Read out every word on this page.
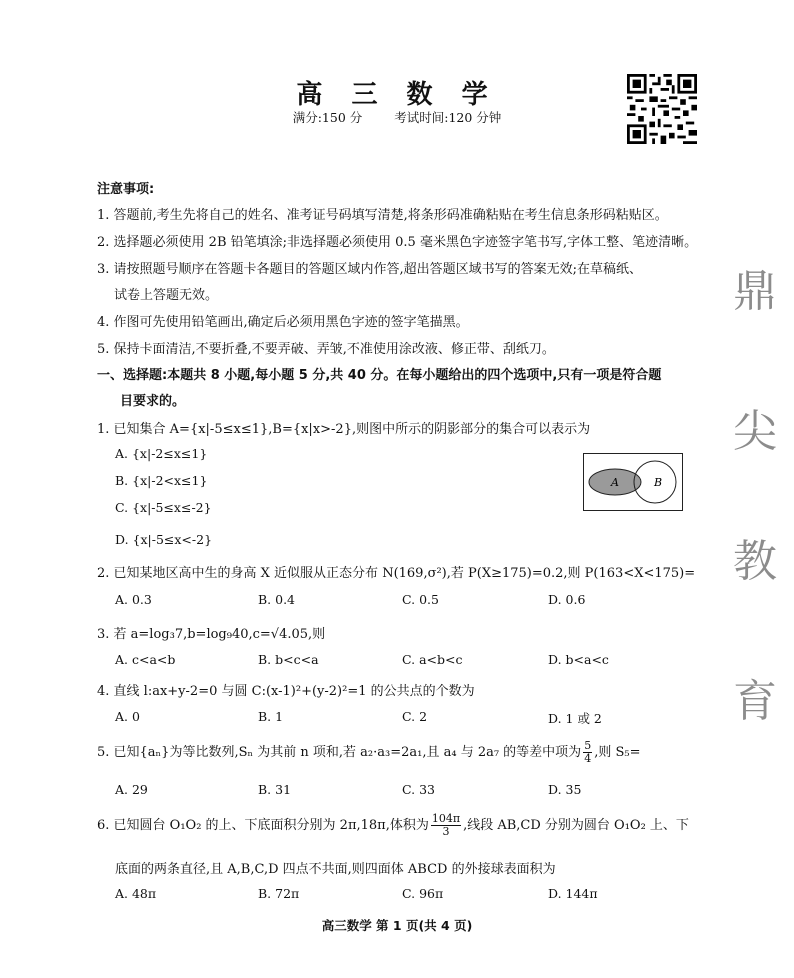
高 三 数 学
满分:150 分	考试时间:120 分钟
鼎
尖
教
育
注意事项:
1. 答题前,考生先将自己的姓名、准考证号码填写清楚,将条形码准确粘贴在考生信息条形码粘贴区。
2. 选择题必须使用 2B 铅笔填涂;非选择题必须使用 0.5 毫米黑色字迹签字笔书写,字体工整、笔迹清晰。
3. 请按照题号顺序在答题卡各题目的答题区域内作答,超出答题区域书写的答案无效;在草稿纸、
试卷上答题无效。
4. 作图可先使用铅笔画出,确定后必须用黑色字迹的签字笔描黑。
5. 保持卡面清洁,不要折叠,不要弄破、弄皱,不准使用涂改液、修正带、刮纸刀。
一、选择题:本题共 8 小题,每小题 5 分,共 40 分。在每小题给出的四个选项中,只有一项是符合题
目要求的。
1. 已知集合 A={x|-5≤x≤1},B={x|x>-2},则图中所示的阴影部分的集合可以表示为
A. {x|-2≤x≤1}
B. {x|-2<x≤1}
C. {x|-5≤x≤-2}
D. {x|-5≤x<-2}
A	B
2. 已知某地区高中生的身高 X 近似服从正态分布 N(169,σ²),若 P(X≥175)=0.2,则 P(163<X<175)=
A. 0.3	B. 0.4	C. 0.5	D. 0.6
3. 若 a=log₃7,b=log₉40,c=√4.05,则
A. c<a<b	B. b<c<a	C. a<b<c	D. b<a<c
4. 直线 l:ax+y-2=0 与圆 C:(x-1)²+(y-2)²=1 的公共点的个数为
A. 0	B. 1	C. 2	D. 1 或 2
5. 已知{aₙ}为等比数列,Sₙ 为其前 n 项和,若 a₂·a₃=2a₁,且 a₄ 与 2a₇ 的等差中项为 $\frac{5}{4}$ ,则 S₅=
A. 29	B. 31	C. 33	D. 35
6. 已知圆台 O₁O₂ 的上、下底面积分别为 2π,18π,体积为 $\frac{104\pi}{3}$ ,线段 AB,CD 分别为圆台 O₁O₂ 上、下
底面的两条直径,且 A,B,C,D 四点不共面,则四面体 ABCD 的外接球表面积为
A. 48π	B. 72π	C. 96π	D. 144π
高三数学 第 1 页(共 4 页)
